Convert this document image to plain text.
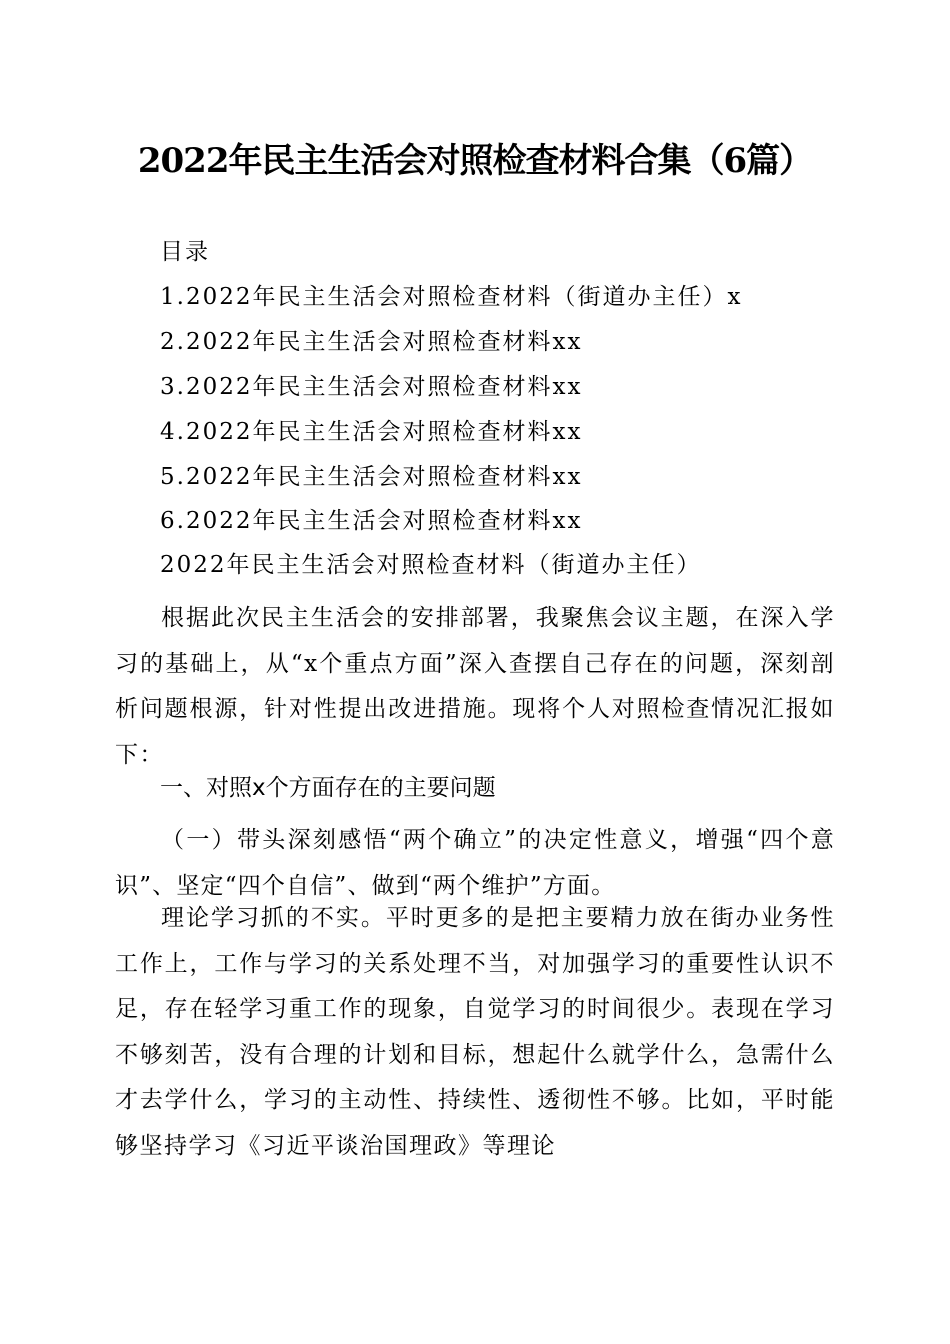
2022年民主生活会对照检查材料合集（6篇）
目录
1.2022年民主生活会对照检查材料（街道办主任）x
2.2022年民主生活会对照检查材料xx
3.2022年民主生活会对照检查材料xx
4.2022年民主生活会对照检查材料xx
5.2022年民主生活会对照检查材料xx
6.2022年民主生活会对照检查材料xx
2022年民主生活会对照检查材料（街道办主任）

根据此次民主生活会的安排部署，我聚焦会议主题，在深入学习的基础上，从“x个重点方面”深入查摆自己存在的问题，深刻剖析问题根源，针对性提出改进措施。现将个人对照检查情况汇报如下：

一、对照x个方面存在的主要问题

（一）带头深刻感悟“两个确立”的决定性意义，增强“四个意识”、坚定“四个自信”、做到“两个维护”方面。

理论学习抓的不实。平时更多的是把主要精力放在街办业务性工作上，工作与学习的关系处理不当，对加强学习的重要性认识不足，存在轻学习重工作的现象，自觉学习的时间很少。表现在学习不够刻苦，没有合理的计划和目标，想起什么就学什么，急需什么才去学什么，学习的主动性、持续性、透彻性不够。比如，平时能够坚持学习《习近平谈治国理政》等理论
